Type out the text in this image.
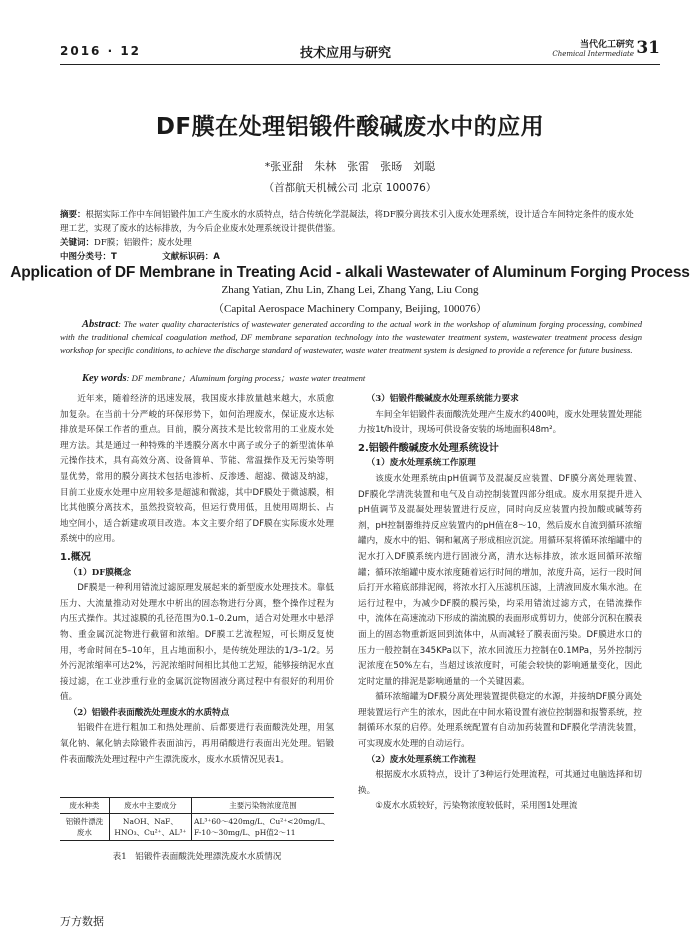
2016 · 12	技术应用与研究
当代化工研究
Chemical Intermediate 31
DF膜在处理铝锻件酸碱废水中的应用
*张亚甜　朱林　张雷　张旸　刘聪
（首都航天机械公司 北京 100076）
摘要：根据实际工作中车间铝锻件加工产生废水的水质特点，结合传统化学混凝法，将DF膜分离技术引入废水处理系统，设计适合车间特定条件的废水处理工艺，实现了废水的达标排放，为今后企业废水处理系统设计提供借鉴。
关键词：DF膜；铝锻件；废水处理
中图分类号：T	文献标识码：A
Application of DF Membrane in Treating Acid - alkali Wastewater of Aluminum Forging Process
Zhang Yatian, Zhu Lin, Zhang Lei, Zhang Yang, Liu Cong
（Capital Aerospace Machinery Company, Beijing, 100076）
Abstract: The water quality characteristics of wastewater generated according to the actual work in the workshop of aluminum forging processing, combined with the traditional chemical coagulation method, DF membrane separation technology into the wastewater treatment system, wastewater treatment process design workshop for specific conditions, to achieve the discharge standard of wastewater, waste water treatment system is designed to provide a reference for future business.
Key words: DF membrane；Aluminum forging process；waste water treatment

近年来，随着经济的迅速发展，我国废水排放量越来越大，水质愈加复杂。在当前十分严峻的环保形势下，如何治理废水，保证废水达标排放是环保工作者的重点。目前，膜分离技术是比较常用的工业废水处理方法。其是通过一种特殊的半透膜分离水中离子或分子的新型流体单元操作技术，具有高效分离、设备简单、节能、常温操作及无污染等明显优势，常用的膜分离技术包括电渗析、反渗透、超滤、微滤及纳滤，目前工业废水处理中应用较多是超滤和微滤，其中DF膜处于微滤膜，相比其他膜分离技术，虽然投资较高，但运行费用低，且使用周期长、占地空间小，适合新建或项目改造。本文主要介绍了DF膜在实际废水处理系统中的应用。

1.概况
（1）DF膜概念

DF膜是一种利用错流过滤原理发展起来的新型废水处理技术。靠低压力、大流量推动对处理水中析出的固态物进行分离，整个操作过程为内压式操作。其过滤膜的孔径范围为0.1–0.2um，适合对处理水中悬浮物、重金属沉淀物进行截留和浓缩。DF膜工艺流程短，可长期反复使用，考命时间在5–10年，且占地面积小，是传统处理法的1/3–1/2。另外污泥浓缩率可达2%，污泥浓缩时间相比其他工艺短，能够接纳泥水直接过滤，在工业涉重行业的金属沉淀物固液分离过程中有很好的利用价值。

（2）铝锻件表面酸洗处理废水的水质特点

铝锻件在进行粗加工和热处理前、后都要进行表面酸洗处理，用氢氧化钠、氟化钠去除锻件表面油污，再用硝酸进行表面出光处理。铝锻件表面酸洗处理过程中产生漂洗废水，废水水质情况见表1。

废水种类	废水中主要成分	主要污染物浓度范围
铝锻件漂洗废水	NaOH、NaF、HNO₃、Cu²⁺、AL³⁺	AL³⁺60～420mg/L、Cu²⁺<20mg/L、F-10～30mg/L、pH值2～11
表1　铝锻件表面酸洗处理漂洗废水水质情况
（3）铝锻件酸碱废水处理系统能力要求

车间全年铝锻件表面酸洗处理产生废水约400吨，废水处理装置处理能力按1t/h设计，现场可供设备安装的场地面积48m²。

2.铝锻件酸碱废水处理系统设计
（1）废水处理系统工作原理

该废水处理系统由pH值调节及混凝反应装置、DF膜分离处理装置、DF膜化学清洗装置和电气及自动控制装置四部分组成。废水用泵提升进入pH值调节及混凝处理装置进行反应，同时向反应装置内投加酸或碱等药剂，pH控制器维持反应装置内的pH值在8～10，然后废水自流到循环浓缩罐内，废水中的铝、铜和氟离子形成相应沉淀。用循环泵将循环浓缩罐中的泥水打入DF膜系统内进行固液分离，清水达标排放，浓水返回循环浓缩罐；循环浓缩罐中废水浓度随着运行时间的增加，浓度升高，运行一段时间后打开水箱底部排泥阀，将浓水打入压滤机压滤，上清液回废水集水池。在运行过程中，为减少DF膜的膜污染，均采用错流过滤方式，在错流操作中，流体在高速流动下形成的湍流膜的表面形成剪切力，使部分沉积在膜表面上的固态物重新返回到流体中，从而减轻了膜表面污染。DF膜进水口的压力一般控制在345KPa以下，浓水回流压力控制在0.1MPa，另外控制污泥浓度在50%左右，当超过该浓度时，可能会较快的影响通量变化，因此定时定量的排泥是影响通量的一个关键因素。

循环浓缩罐为DF膜分离处理装置提供稳定的水源，并接纳DF膜分离处理装置运行产生的浓水，因此在中间水箱设置有液位控制器和报警系统，控制循环水泵的启停。处理系统配置有自动加药装置和DF膜化学清洗装置，可实现废水处理的自动运行。

（2）废水处理系统工作流程

根据废水水质特点，设计了3种运行处理流程，可其通过电脑选择和切换。

①废水水质较好，污染物浓度较低时，采用图1处理流

万方数据
